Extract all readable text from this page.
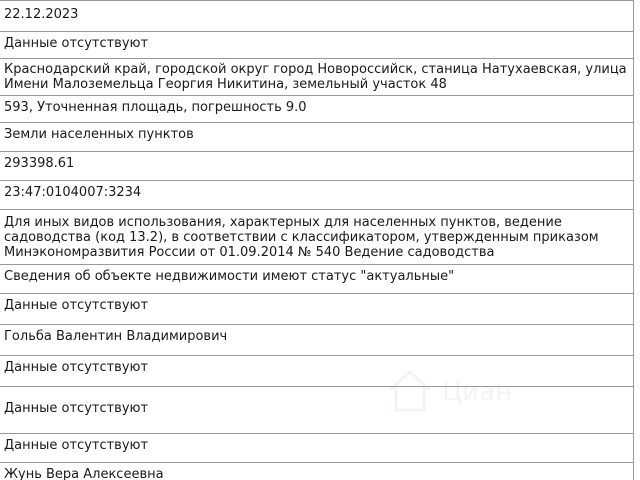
22.12.2023
Данные отсутствуют
Краснодарский край, городской округ город Новороссийск, станица Натухаевская, улица Имени Малоземельца Георгия Никитина, земельный участок 48
593, Уточненная площадь, погрешность 9.0
Земли населенных пунктов
293398.61
23:47:0104007:3234
Для иных видов использования, характерных для населенных пунктов, ведение садоводства (код 13.2), в соответствии с классификатором, утвержденным приказом Минэкономразвития России от 01.09.2014 № 540 Ведение садоводства
Сведения об объекте недвижимости имеют статус "актуальные"
Данные отсутствуют
Гольба Валентин Владимирович
Данные отсутствуют
Данные отсутствуют
Данные отсутствуют
Жунь Вера Алексеевна
Циан
